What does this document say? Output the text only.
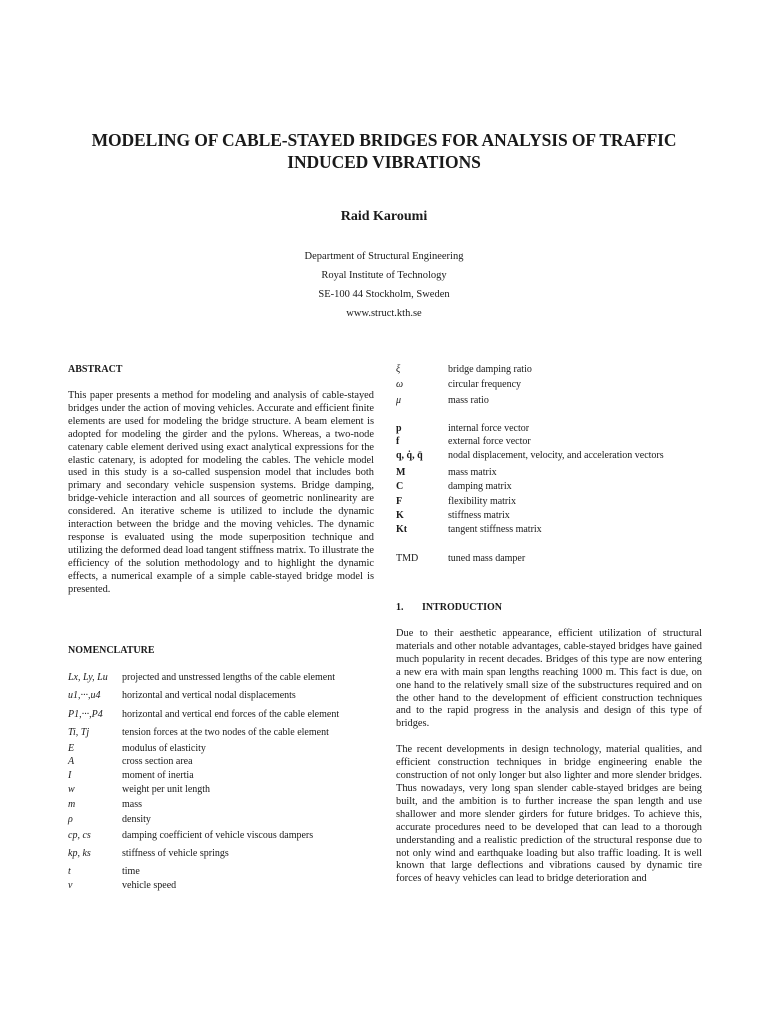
MODELING OF CABLE-STAYED BRIDGES FOR ANALYSIS OF TRAFFIC INDUCED VIBRATIONS
Raid Karoumi
Department of Structural Engineering
Royal Institute of Technology
SE-100 44 Stockholm, Sweden
www.struct.kth.se
ABSTRACT

This paper presents a method for modeling and analysis of cable-stayed bridges under the action of moving vehicles. Accurate and efficient finite elements are used for modeling the bridge structure. A beam element is adopted for modeling the girder and the pylons. Whereas, a two-node catenary cable element derived using exact analytical expressions for the elastic catenary, is adopted for modeling the cables. The vehicle model used in this study is a so-called suspension model that includes both primary and secondary vehicle suspension systems. Bridge damping, bridge-vehicle interaction and all sources of geometric nonlinearity are considered. An iterative scheme is utilized to include the dynamic interaction between the bridge and the moving vehicles. The dynamic response is evaluated using the mode superposition technique and utilizing the deformed dead load tangent stiffness matrix. To illustrate the efficiency of the solution methodology and to highlight the dynamic effects, a numerical example of a simple cable-stayed bridge model is presented.

NOMENCLATURE
Lx, Ly, Lu	projected and unstressed lengths of the cable element
u1,···,u4	horizontal and vertical nodal displacements
P1,···,P4	horizontal and vertical end forces of the cable element
Ti, Tj	tension forces at the two nodes of the cable element
E	modulus of elasticity
A	cross section area
I	moment of inertia
w	weight per unit length
m	mass
ρ	density
cp, cs	damping coefficient of vehicle viscous dampers
kp, ks	stiffness of vehicle springs
t	time
v	vehicle speed
ξ	bridge damping ratio
ω	circular frequency
μ	mass ratio
p	internal force vector
f	external force vector
q, q̇, q̈	nodal displacement, velocity, and acceleration vectors
M	mass matrix
C	damping matrix
F	flexibility matrix
K	stiffness matrix
Kt	tangent stiffness matrix
TMD	tuned mass damper
1. INTRODUCTION

Due to their aesthetic appearance, efficient utilization of structural materials and other notable advantages, cable-stayed bridges have gained much popularity in recent decades. Bridges of this type are now entering a new era with main span lengths reaching 1000 m. This fact is due, on one hand to the relatively small size of the substructures required and on the other hand to the development of efficient construction techniques and to the rapid progress in the analysis and design of this type of bridges.

The recent developments in design technology, material qualities, and efficient construction techniques in bridge engineering enable the construction of not only longer but also lighter and more slender bridges. Thus nowadays, very long span slender cable-stayed bridges are being built, and the ambition is to further increase the span length and use shallower and more slender girders for future bridges. To achieve this, accurate procedures need to be developed that can lead to a thorough understanding and a realistic prediction of the structural response due to not only wind and earthquake loading but also traffic loading. It is well known that large deflections and vibrations caused by dynamic tire forces of heavy vehicles can lead to bridge deterioration and
